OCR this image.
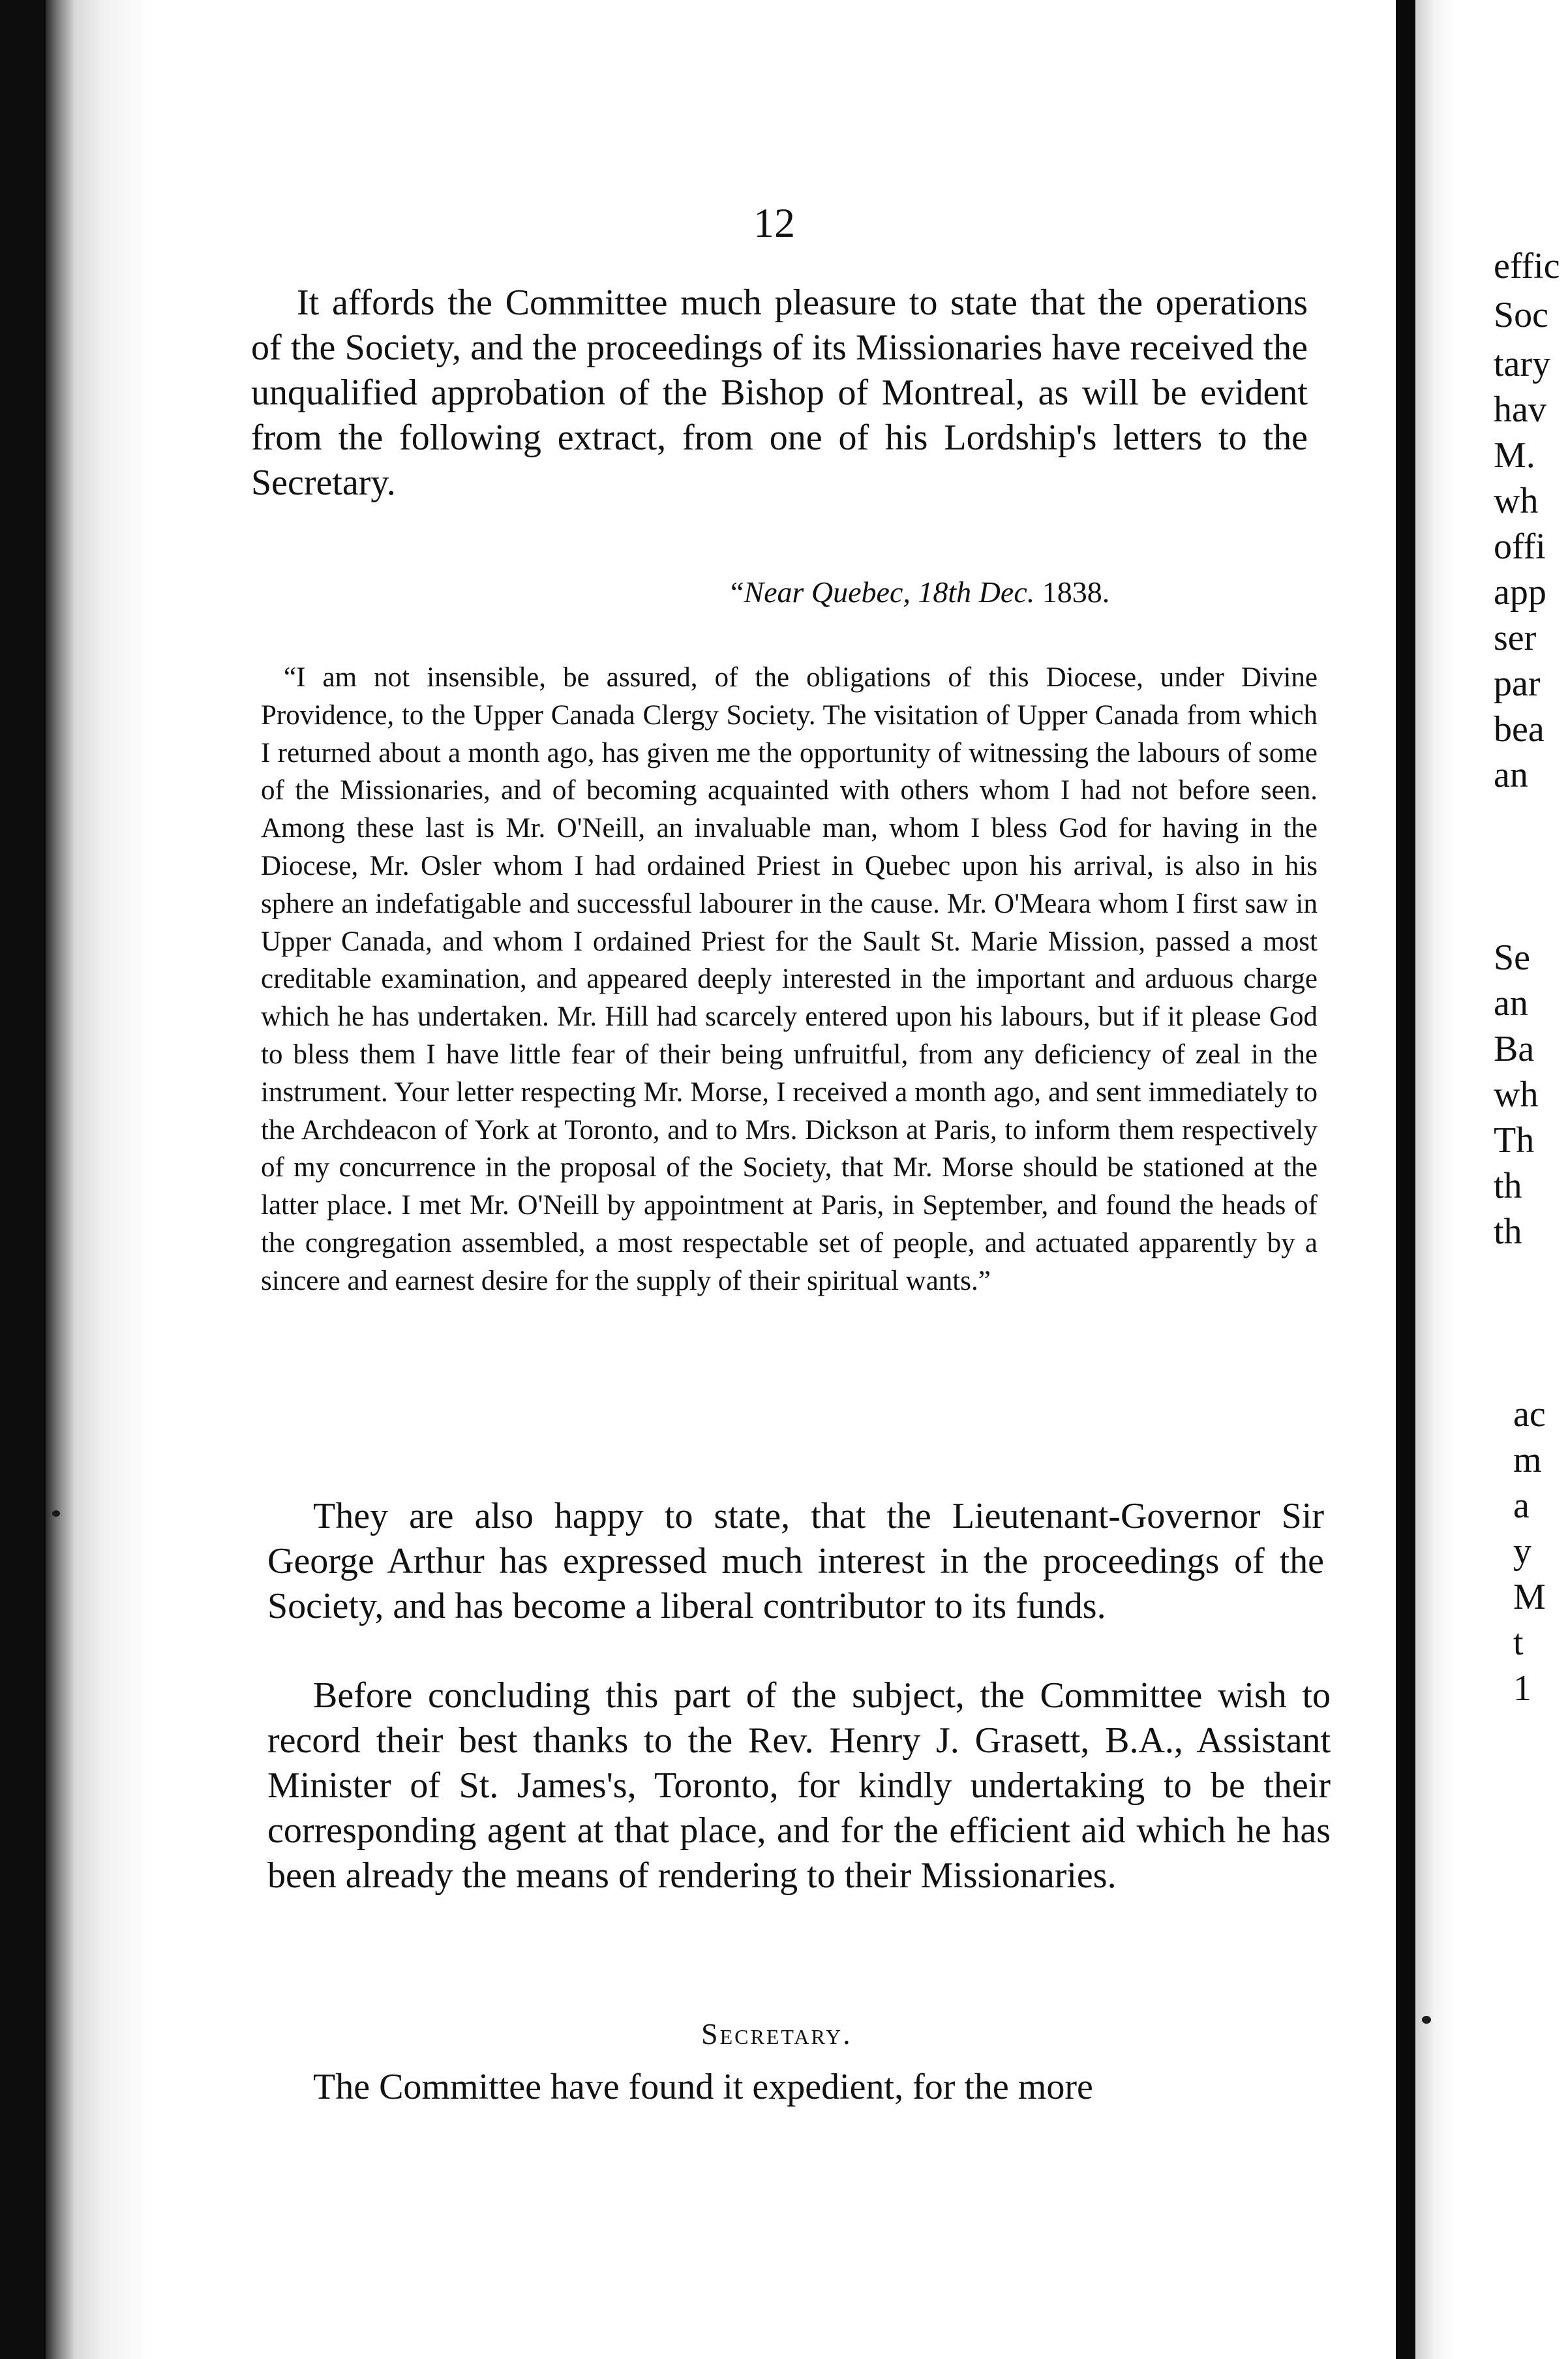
12

It affords the Committee much pleasure to state that the operations of the Society, and the proceedings of its Missionaries have received the unqualified approbation of the Bishop of Montreal, as will be evident from the following extract, from one of his Lordship's letters to the Secretary.

“Near Quebec, 18th Dec. 1838.

“I am not insensible, be assured, of the obligations of this Diocese, under Divine Providence, to the Upper Canada Clergy Society. The visitation of Upper Canada from which I returned about a month ago, has given me the opportunity of witnessing the labours of some of the Missionaries, and of becoming acquainted with others whom I had not before seen. Among these last is Mr. O'Neill, an invaluable man, whom I bless God for having in the Diocese, Mr. Osler whom I had ordained Priest in Quebec upon his arrival, is also in his sphere an indefatigable and successful labourer in the cause. Mr. O'Meara whom I first saw in Upper Canada, and whom I ordained Priest for the Sault St. Marie Mission, passed a most creditable examination, and appeared deeply interested in the important and arduous charge which he has undertaken. Mr. Hill had scarcely entered upon his labours, but if it please God to bless them I have little fear of their being unfruitful, from any deficiency of zeal in the instrument. Your letter respecting Mr. Morse, I received a month ago, and sent immediately to the Archdeacon of York at Toronto, and to Mrs. Dickson at Paris, to inform them respectively of my concurrence in the proposal of the Society, that Mr. Morse should be stationed at the latter place. I met Mr. O'Neill by appointment at Paris, in September, and found the heads of the congregation assembled, a most respectable set of people, and actuated apparently by a sincere and earnest desire for the supply of their spiritual wants.”

They are also happy to state, that the Lieutenant-Governor Sir George Arthur has expressed much interest in the proceedings of the Society, and has become a liberal contributor to its funds.

Before concluding this part of the subject, the Committee wish to record their best thanks to the Rev. Henry J. Grasett, B.A., Assistant Minister of St. James's, Toronto, for kindly undertaking to be their corresponding agent at that place, and for the efficient aid which he has been already the means of rendering to their Missionaries.

Secretary.

The Committee have found it expedient, for the more

effic

Soc

tary

hav

M.

wh

offi

app

ser

par

bea

an

Se

an

Ba

wh

Th

th

th

ac

m

a

y

M

t

1
